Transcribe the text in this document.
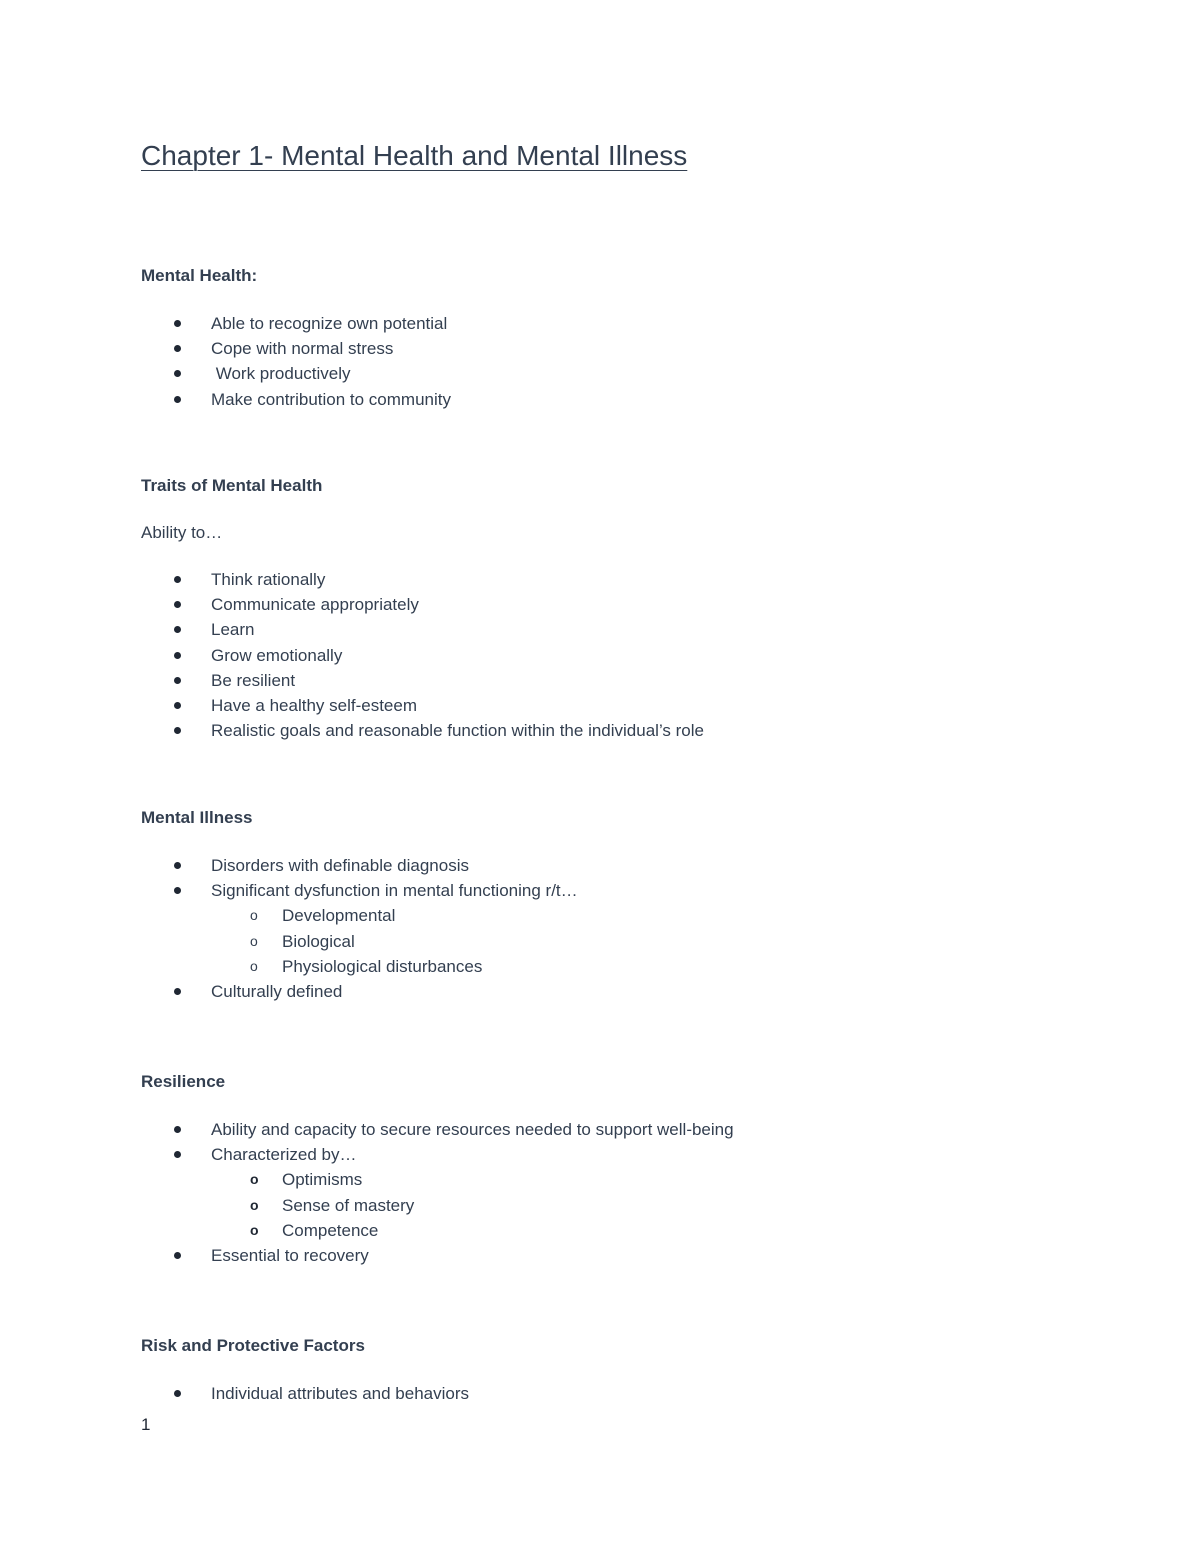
Chapter 1- Mental Health and Mental Illness
Mental Health:
Able to recognize own potential
Cope with normal stress
Work productively
Make contribution to community
Traits of Mental Health

Ability to…

Think rationally
Communicate appropriately
Learn
Grow emotionally
Be resilient
Have a healthy self-esteem
Realistic goals and reasonable function within the individual’s role
Mental Illness
Disorders with definable diagnosis
Significant dysfunction in mental functioning r/t…
o Developmental
o Biological
o Physiological disturbances
Culturally defined
Resilience
Ability and capacity to secure resources needed to support well-being
Characterized by…
o Optimisms
o Sense of mastery
o Competence
Essential to recovery
Risk and Protective Factors
Individual attributes and behaviors

1
